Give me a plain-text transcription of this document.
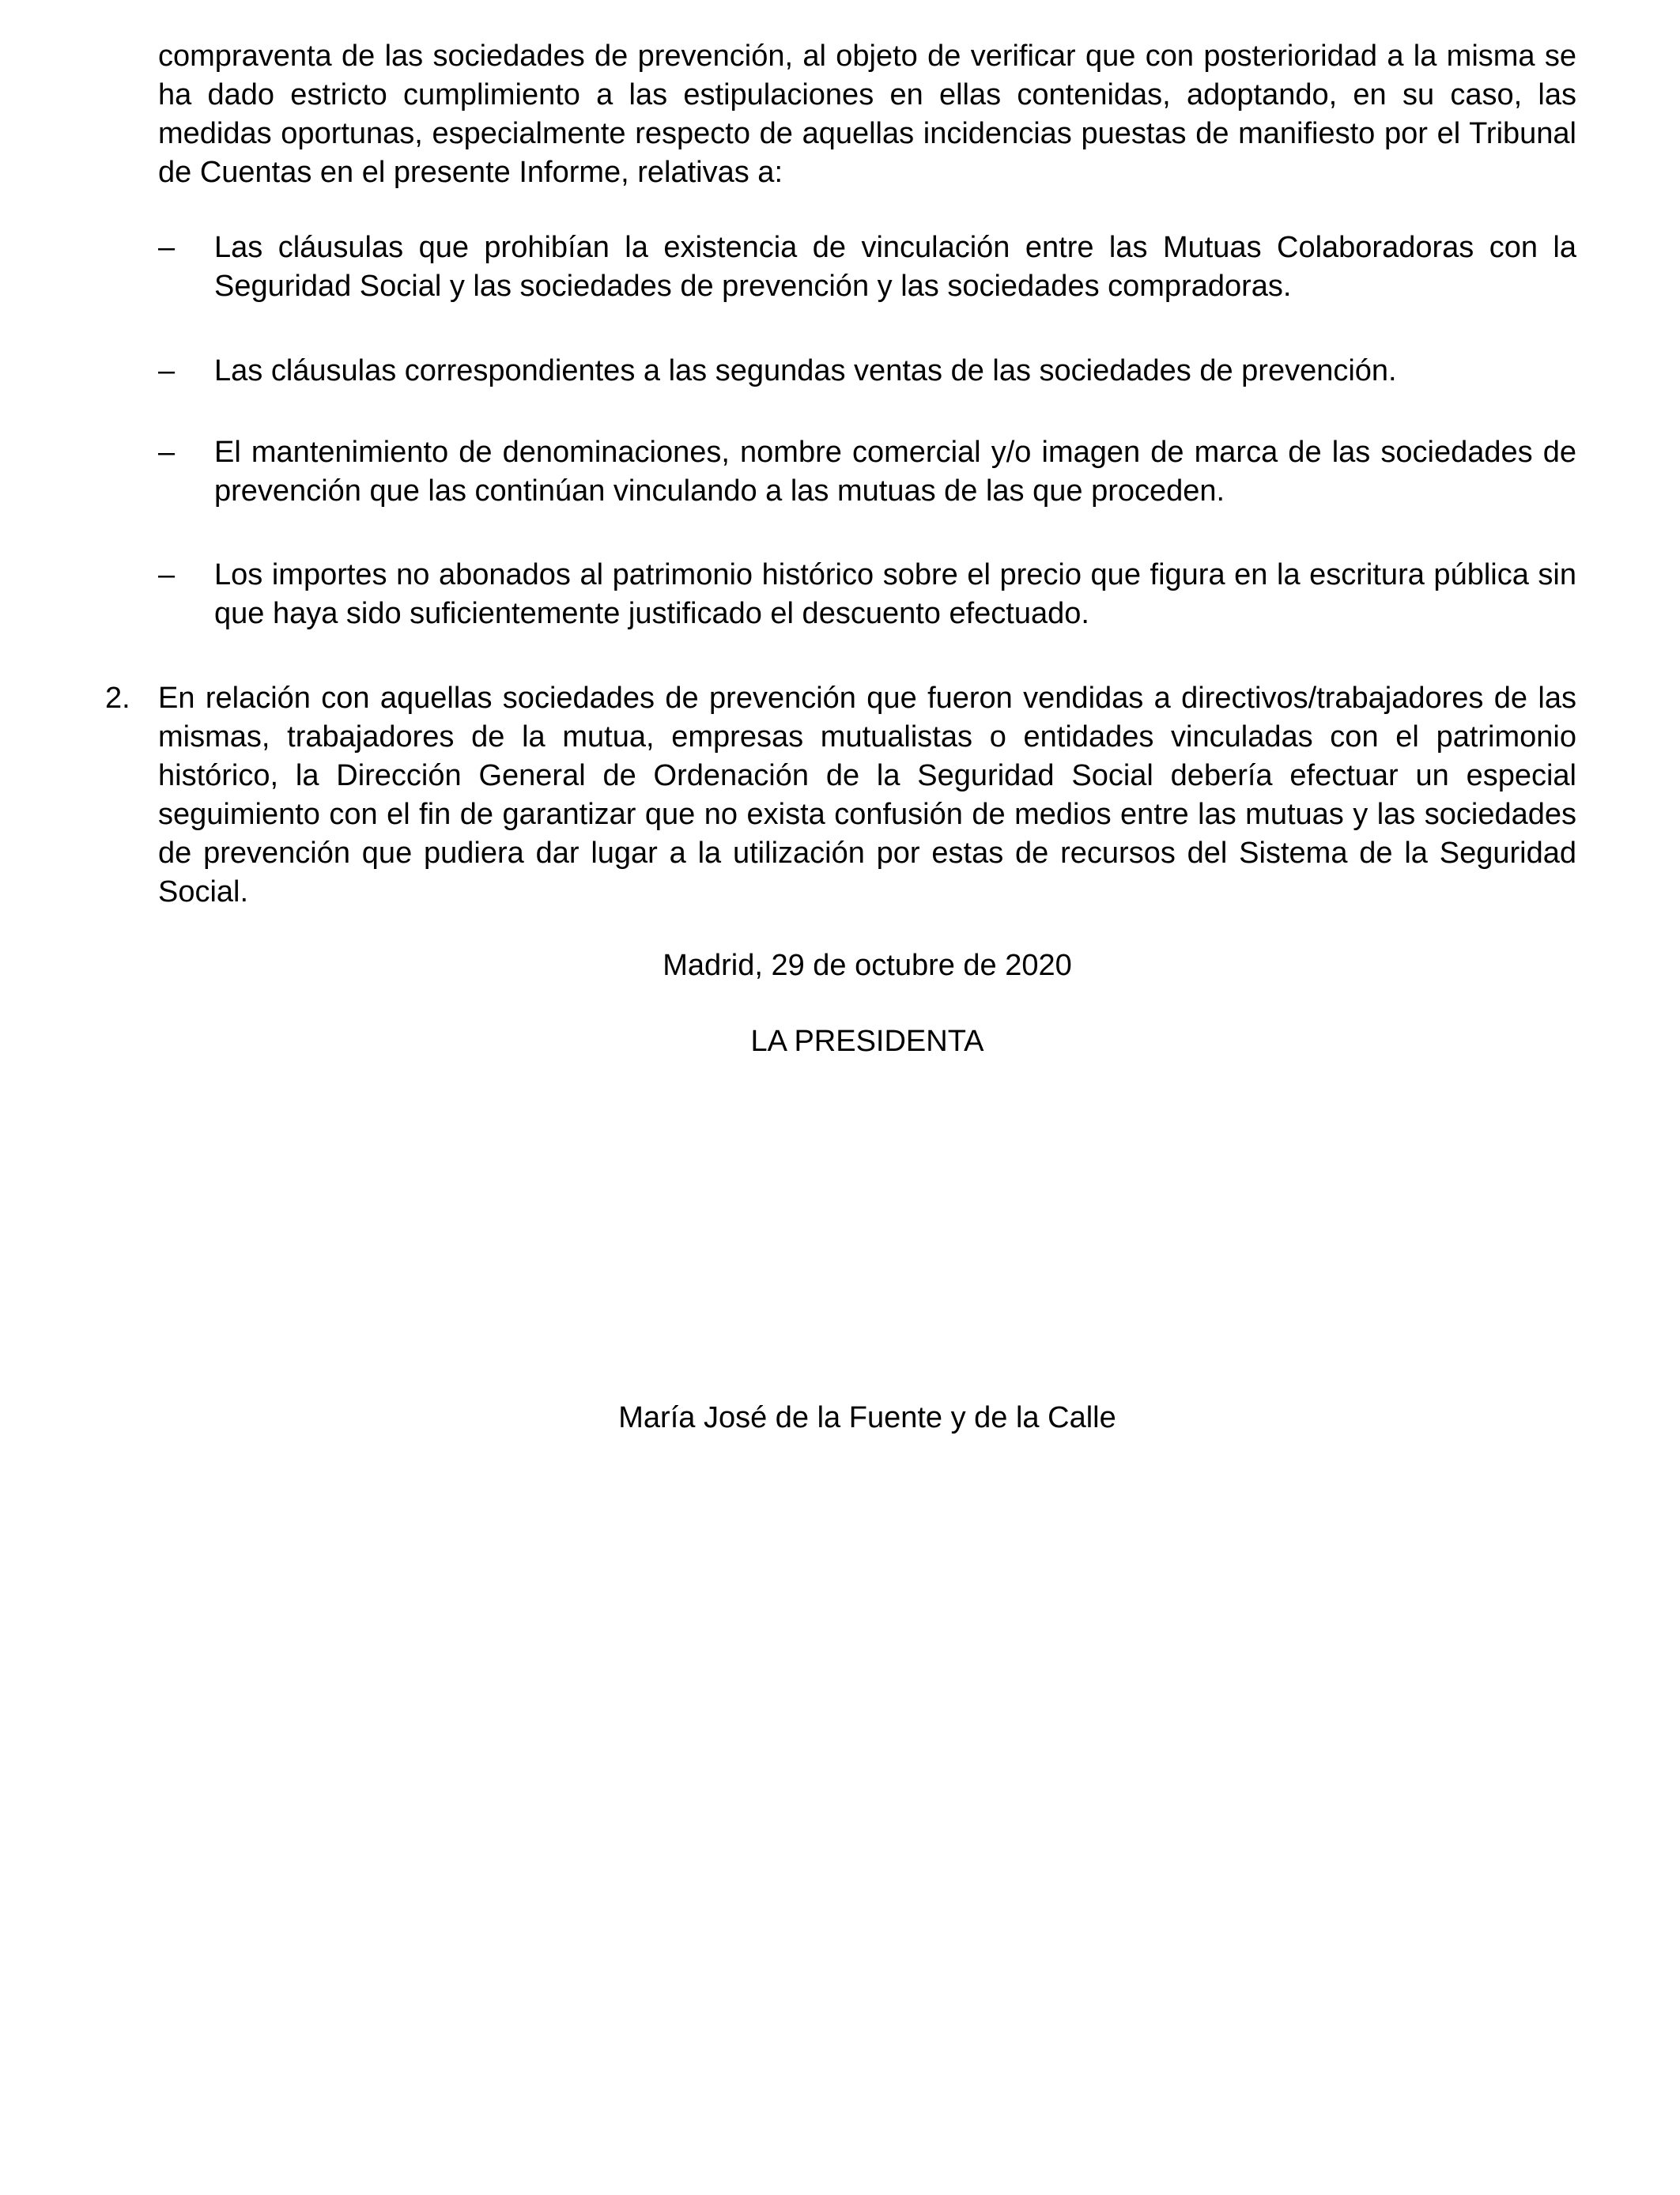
compraventa de las sociedades de prevención, al objeto de verificar que con posterioridad a la misma se ha dado estricto cumplimiento a las estipulaciones en ellas contenidas, adoptando, en su caso, las medidas oportunas, especialmente respecto de aquellas incidencias puestas de manifiesto por el Tribunal de Cuentas en el presente Informe, relativas a:

–	Las cláusulas que prohibían la existencia de vinculación entre las Mutuas Colaboradoras con la Seguridad Social y las sociedades de prevención y las sociedades compradoras.
–	Las cláusulas correspondientes a las segundas ventas de las sociedades de prevención.
–	El mantenimiento de denominaciones, nombre comercial y/o imagen de marca de las sociedades de prevención que las continúan vinculando a las mutuas de las que proceden.
–	Los importes no abonados al patrimonio histórico sobre el precio que figura en la escritura pública sin que haya sido suficientemente justificado el descuento efectuado.
2. En relación con aquellas sociedades de prevención que fueron vendidas a directivos/trabajadores de las mismas, trabajadores de la mutua, empresas mutualistas o entidades vinculadas con el patrimonio histórico, la Dirección General de Ordenación de la Seguridad Social debería efectuar un especial seguimiento con el fin de garantizar que no exista confusión de medios entre las mutuas y las sociedades de prevención que pudiera dar lugar a la utilización por estas de recursos del Sistema de la Seguridad Social.
Madrid, 29 de octubre de 2020
LA PRESIDENTA
María José de la Fuente y de la Calle
